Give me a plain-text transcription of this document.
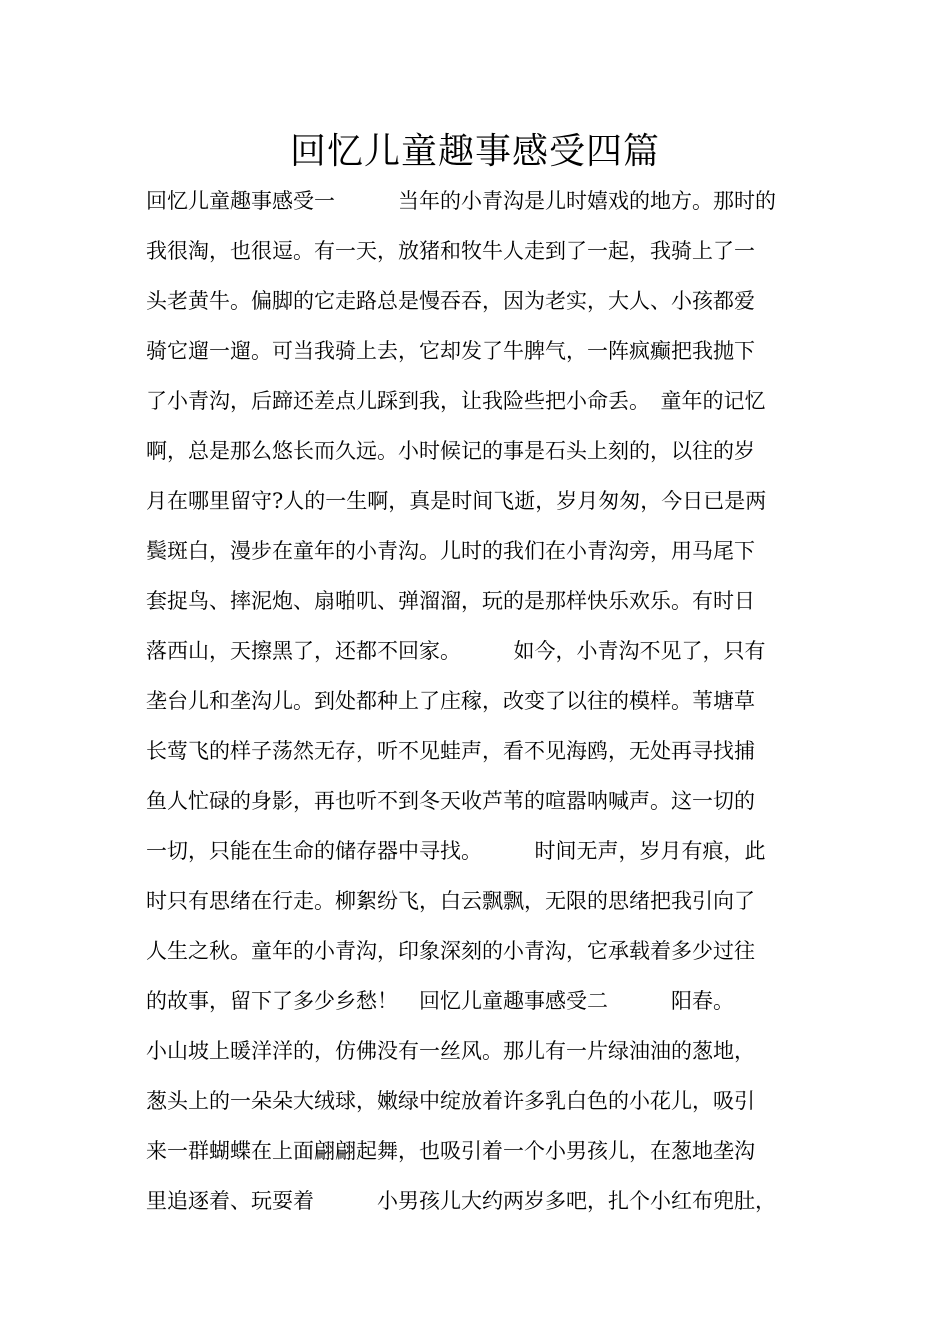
回忆儿童趣事感受四篇
回忆儿童趣事感受一　　　当年的小青沟是儿时嬉戏的地方。那时的
我很淘，也很逗。有一天，放猪和牧牛人走到了一起，我骑上了一
头老黄牛。偏脚的它走路总是慢吞吞，因为老实，大人、小孩都爱
骑它遛一遛。可当我骑上去，它却发了牛脾气，一阵疯癫把我抛下
了小青沟，后蹄还差点儿踩到我，让我险些把小命丢。　童年的记忆
啊，总是那么悠长而久远。小时候记的事是石头上刻的，以往的岁
月在哪里留守?人的一生啊，真是时间飞逝，岁月匆匆，今日已是两
鬓斑白，漫步在童年的小青沟。儿时的我们在小青沟旁，用马尾下
套捉鸟、摔泥炮、扇啪叽、弹溜溜，玩的是那样快乐欢乐。有时日
落西山，天擦黑了，还都不回家。　　　如今，小青沟不见了，只有
垄台儿和垄沟儿。到处都种上了庄稼，改变了以往的模样。苇塘草
长莺飞的样子荡然无存，听不见蛙声，看不见海鸥，无处再寻找捕
鱼人忙碌的身影，再也听不到冬天收芦苇的喧嚣呐喊声。这一切的
一切，只能在生命的储存器中寻找。　　　时间无声，岁月有痕，此
时只有思绪在行走。柳絮纷飞，白云飘飘，无限的思绪把我引向了
人生之秋。童年的小青沟，印象深刻的小青沟，它承载着多少过往
的故事，留下了多少乡愁！　回忆儿童趣事感受二　　　阳春。
小山坡上暖洋洋的，仿佛没有一丝风。那儿有一片绿油油的葱地，
葱头上的一朵朵大绒球，嫩绿中绽放着许多乳白色的小花儿，吸引
来一群蝴蝶在上面翩翩起舞，也吸引着一个小男孩儿，在葱地垄沟
里追逐着、玩耍着　　　小男孩儿大约两岁多吧，扎个小红布兜肚，
